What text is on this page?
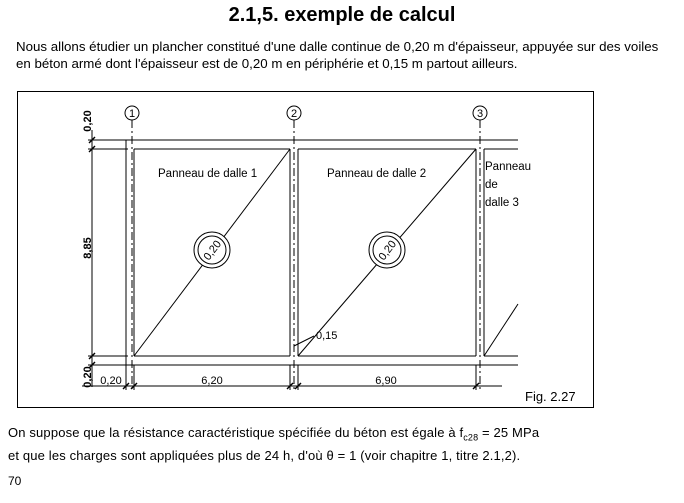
2.1,5. exemple de calcul
Nous allons étudier un plancher constitué d'une dalle continue de 0,20 m d'épaisseur, appuyée sur des voiles en béton armé dont l'épaisseur est de 0,20 m en périphérie et 0,15 m partout ailleurs.
1	2	3
Panneau de dalle 1	Panneau de dalle 2
Panneau
de
dalle 3
0,20	0,20
0,20
8,85
0,20 0,20	6,20	6,90
0,15
Fig. 2.27
On suppose que la résistance caractéristique spécifiée du béton est égale à $f_{c28} = 25$ MPa
et que les charges sont appliquées plus de 24 h, d'où θ = 1 (voir chapitre 1, titre 2.1,2).
70
